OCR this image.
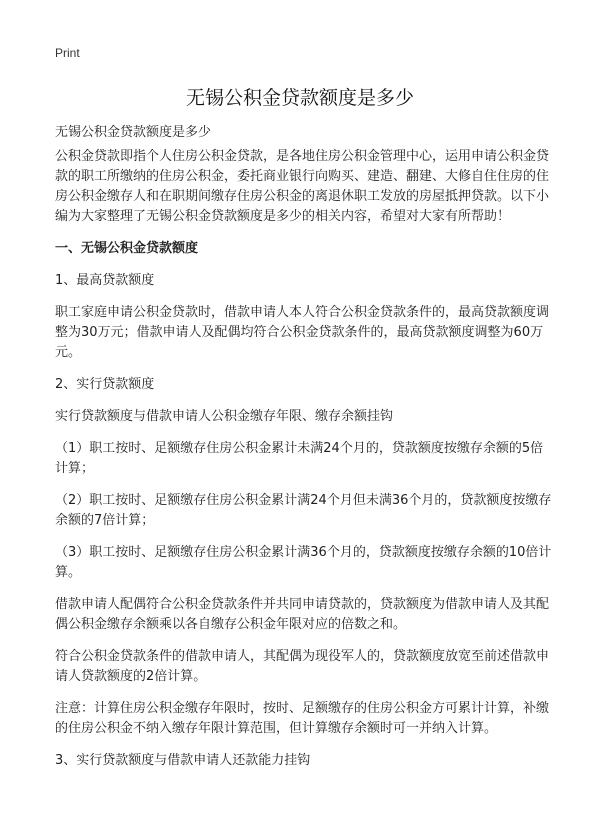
Print
无锡公积金贷款额度是多少

无锡公积金贷款额度是多少

公积金贷款即指个人住房公积金贷款，是各地住房公积金管理中心，运用申请公积金贷款的职工所缴纳的住房公积金，委托商业银行向购买、建造、翻建、大修自住住房的住房公积金缴存人和在职期间缴存住房公积金的离退休职工发放的房屋抵押贷款。以下小编为大家整理了无锡公积金贷款额度是多少的相关内容，希望对大家有所帮助！

一、无锡公积金贷款额度

1、最高贷款额度

职工家庭申请公积金贷款时，借款申请人本人符合公积金贷款条件的，最高贷款额度调整为30万元；借款申请人及配偶均符合公积金贷款条件的，最高贷款额度调整为60万元。

2、实行贷款额度

实行贷款额度与借款申请人公积金缴存年限、缴存余额挂钩

（1）职工按时、足额缴存住房公积金累计未满24个月的，贷款额度按缴存余额的5倍计算；

（2）职工按时、足额缴存住房公积金累计满24个月但未满36个月的，贷款额度按缴存余额的7倍计算；

（3）职工按时、足额缴存住房公积金累计满36个月的，贷款额度按缴存余额的10倍计算。

借款申请人配偶符合公积金贷款条件并共同申请贷款的，贷款额度为借款申请人及其配偶公积金缴存余额乘以各自缴存公积金年限对应的倍数之和。

符合公积金贷款条件的借款申请人，其配偶为现役军人的，贷款额度放宽至前述借款申请人贷款额度的2倍计算。

注意：计算住房公积金缴存年限时，按时、足额缴存的住房公积金方可累计计算，补缴的住房公积金不纳入缴存年限计算范围，但计算缴存余额时可一并纳入计算。

3、实行贷款额度与借款申请人还款能力挂钩
